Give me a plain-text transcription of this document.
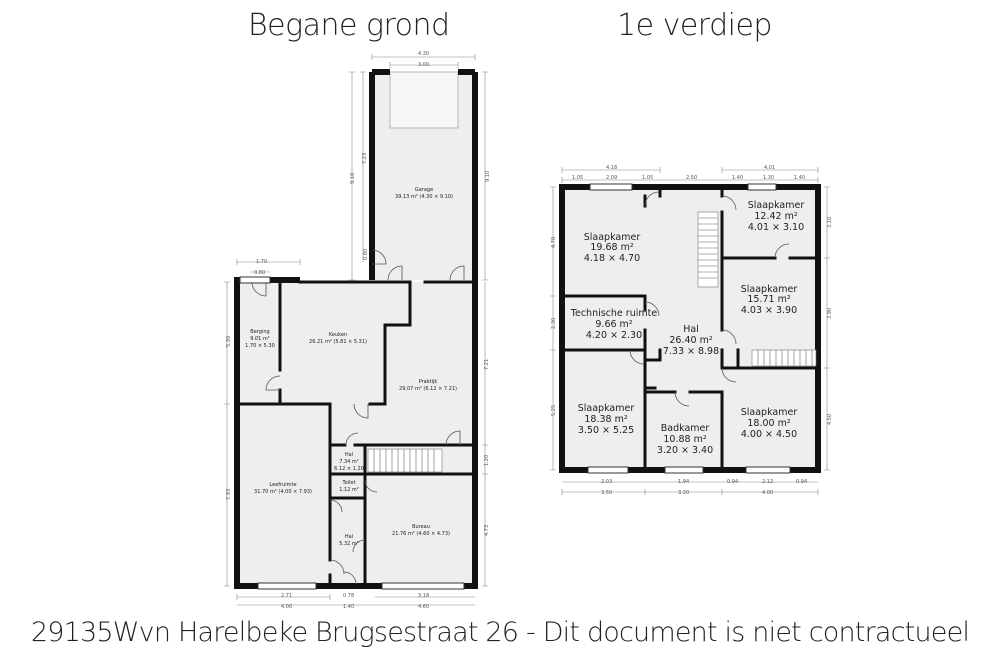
Begane grond	1e verdiep
4.30
3.00
9.10
7.23
9.10
1.70
0.80
5.30
0.80
7.21
1.20
4.73
7.93
2.71
4.00
0.78
1.40
3.18
4.60
Garage
39.13 m² (4.30 × 9.10)
Berging
9.01 m²
1.70 × 5.30
Keuken
26.21 m² (5.81 × 5.31)
Praktijk
29.07 m² (6.12 × 7.21)
Hal
7.34 m²
6.12 × 1.20
Toilet
1.12 m²
Leefruimte
31.70 m² (4.00 × 7.93)
Hal
5.32 m²
Bureau
21.76 m² (4.60 × 4.73)
4.18
1.05	2.09	1.05	2.50
4.01
1.40	1.30	1.40
4.70
2.30
5.25
3.10
3.90
4.50
2.03
3.50
1.94
3.20
0.94	2.12	0.94
4.00
Slaapkamer
19.68 m²
4.18 × 4.70
Technische ruimte
9.66 m²
4.20 × 2.30
Hal
26.40 m²
7.33 × 8.98
Slaapkamer
12.42 m²
4.01 × 3.10
Slaapkamer
15.71 m²
4.03 × 3.90
Slaapkamer
18.38 m²
3.50 × 5.25	Badkamer
10.88 m²
3.20 × 3.40
Slaapkamer
18.00 m²
4.00 × 4.50
29135Wvn Harelbeke Brugsestraat 26 - Dit document is niet contractueel
